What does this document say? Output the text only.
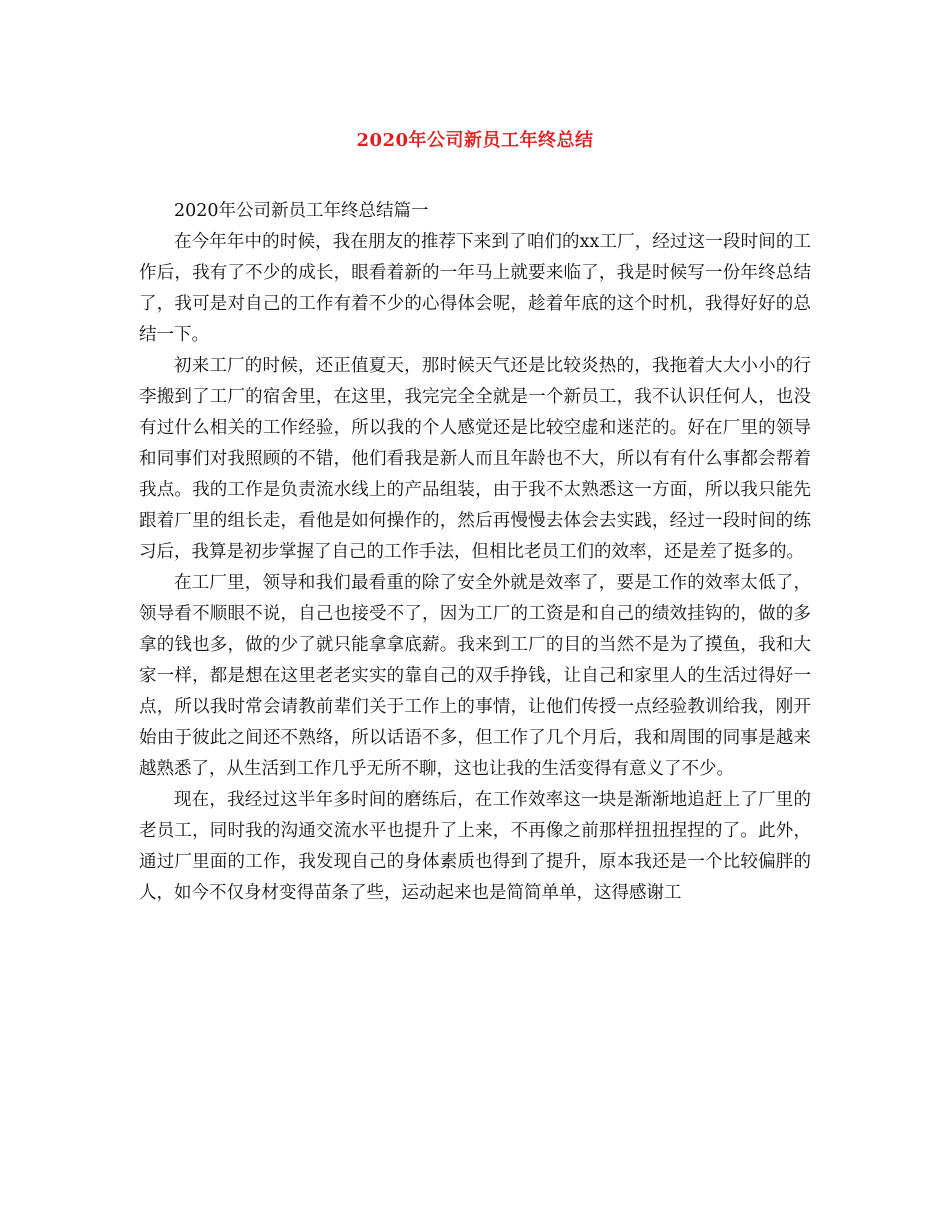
2020年公司新员工年终总结

2020年公司新员工年终总结篇一

在今年年中的时候，我在朋友的推荐下来到了咱们的xx工厂，经过这一段时间的工作后，我有了不少的成长，眼看着新的一年马上就要来临了，我是时候写一份年终总结了，我可是对自己的工作有着不少的心得体会呢，趁着年底的这个时机，我得好好的总结一下。

初来工厂的时候，还正值夏天，那时候天气还是比较炎热的，我拖着大大小小的行李搬到了工厂的宿舍里，在这里，我完完全全就是一个新员工，我不认识任何人，也没有过什么相关的工作经验，所以我的个人感觉还是比较空虚和迷茫的。好在厂里的领导和同事们对我照顾的不错，他们看我是新人而且年龄也不大，所以有有什么事都会帮着我点。我的工作是负责流水线上的产品组装，由于我不太熟悉这一方面，所以我只能先跟着厂里的组长走，看他是如何操作的，然后再慢慢去体会去实践，经过一段时间的练习后，我算是初步掌握了自己的工作手法，但相比老员工们的效率，还是差了挺多的。

在工厂里，领导和我们最看重的除了安全外就是效率了，要是工作的效率太低了，领导看不顺眼不说，自己也接受不了，因为工厂的工资是和自己的绩效挂钩的，做的多拿的钱也多，做的少了就只能拿拿底薪。我来到工厂的目的当然不是为了摸鱼，我和大家一样，都是想在这里老老实实的靠自己的双手挣钱，让自己和家里人的生活过得好一点，所以我时常会请教前辈们关于工作上的事情，让他们传授一点经验教训给我，刚开始由于彼此之间还不熟络，所以话语不多，但工作了几个月后，我和周围的同事是越来越熟悉了，从生活到工作几乎无所不聊，这也让我的生活变得有意义了不少。

现在，我经过这半年多时间的磨练后，在工作效率这一块是渐渐地追赶上了厂里的老员工，同时我的沟通交流水平也提升了上来，不再像之前那样扭扭捏捏的了。此外，通过厂里面的工作，我发现自己的身体素质也得到了提升，原本我还是一个比较偏胖的人，如今不仅身材变得苗条了些，运动起来也是简简单单，这得感谢工
